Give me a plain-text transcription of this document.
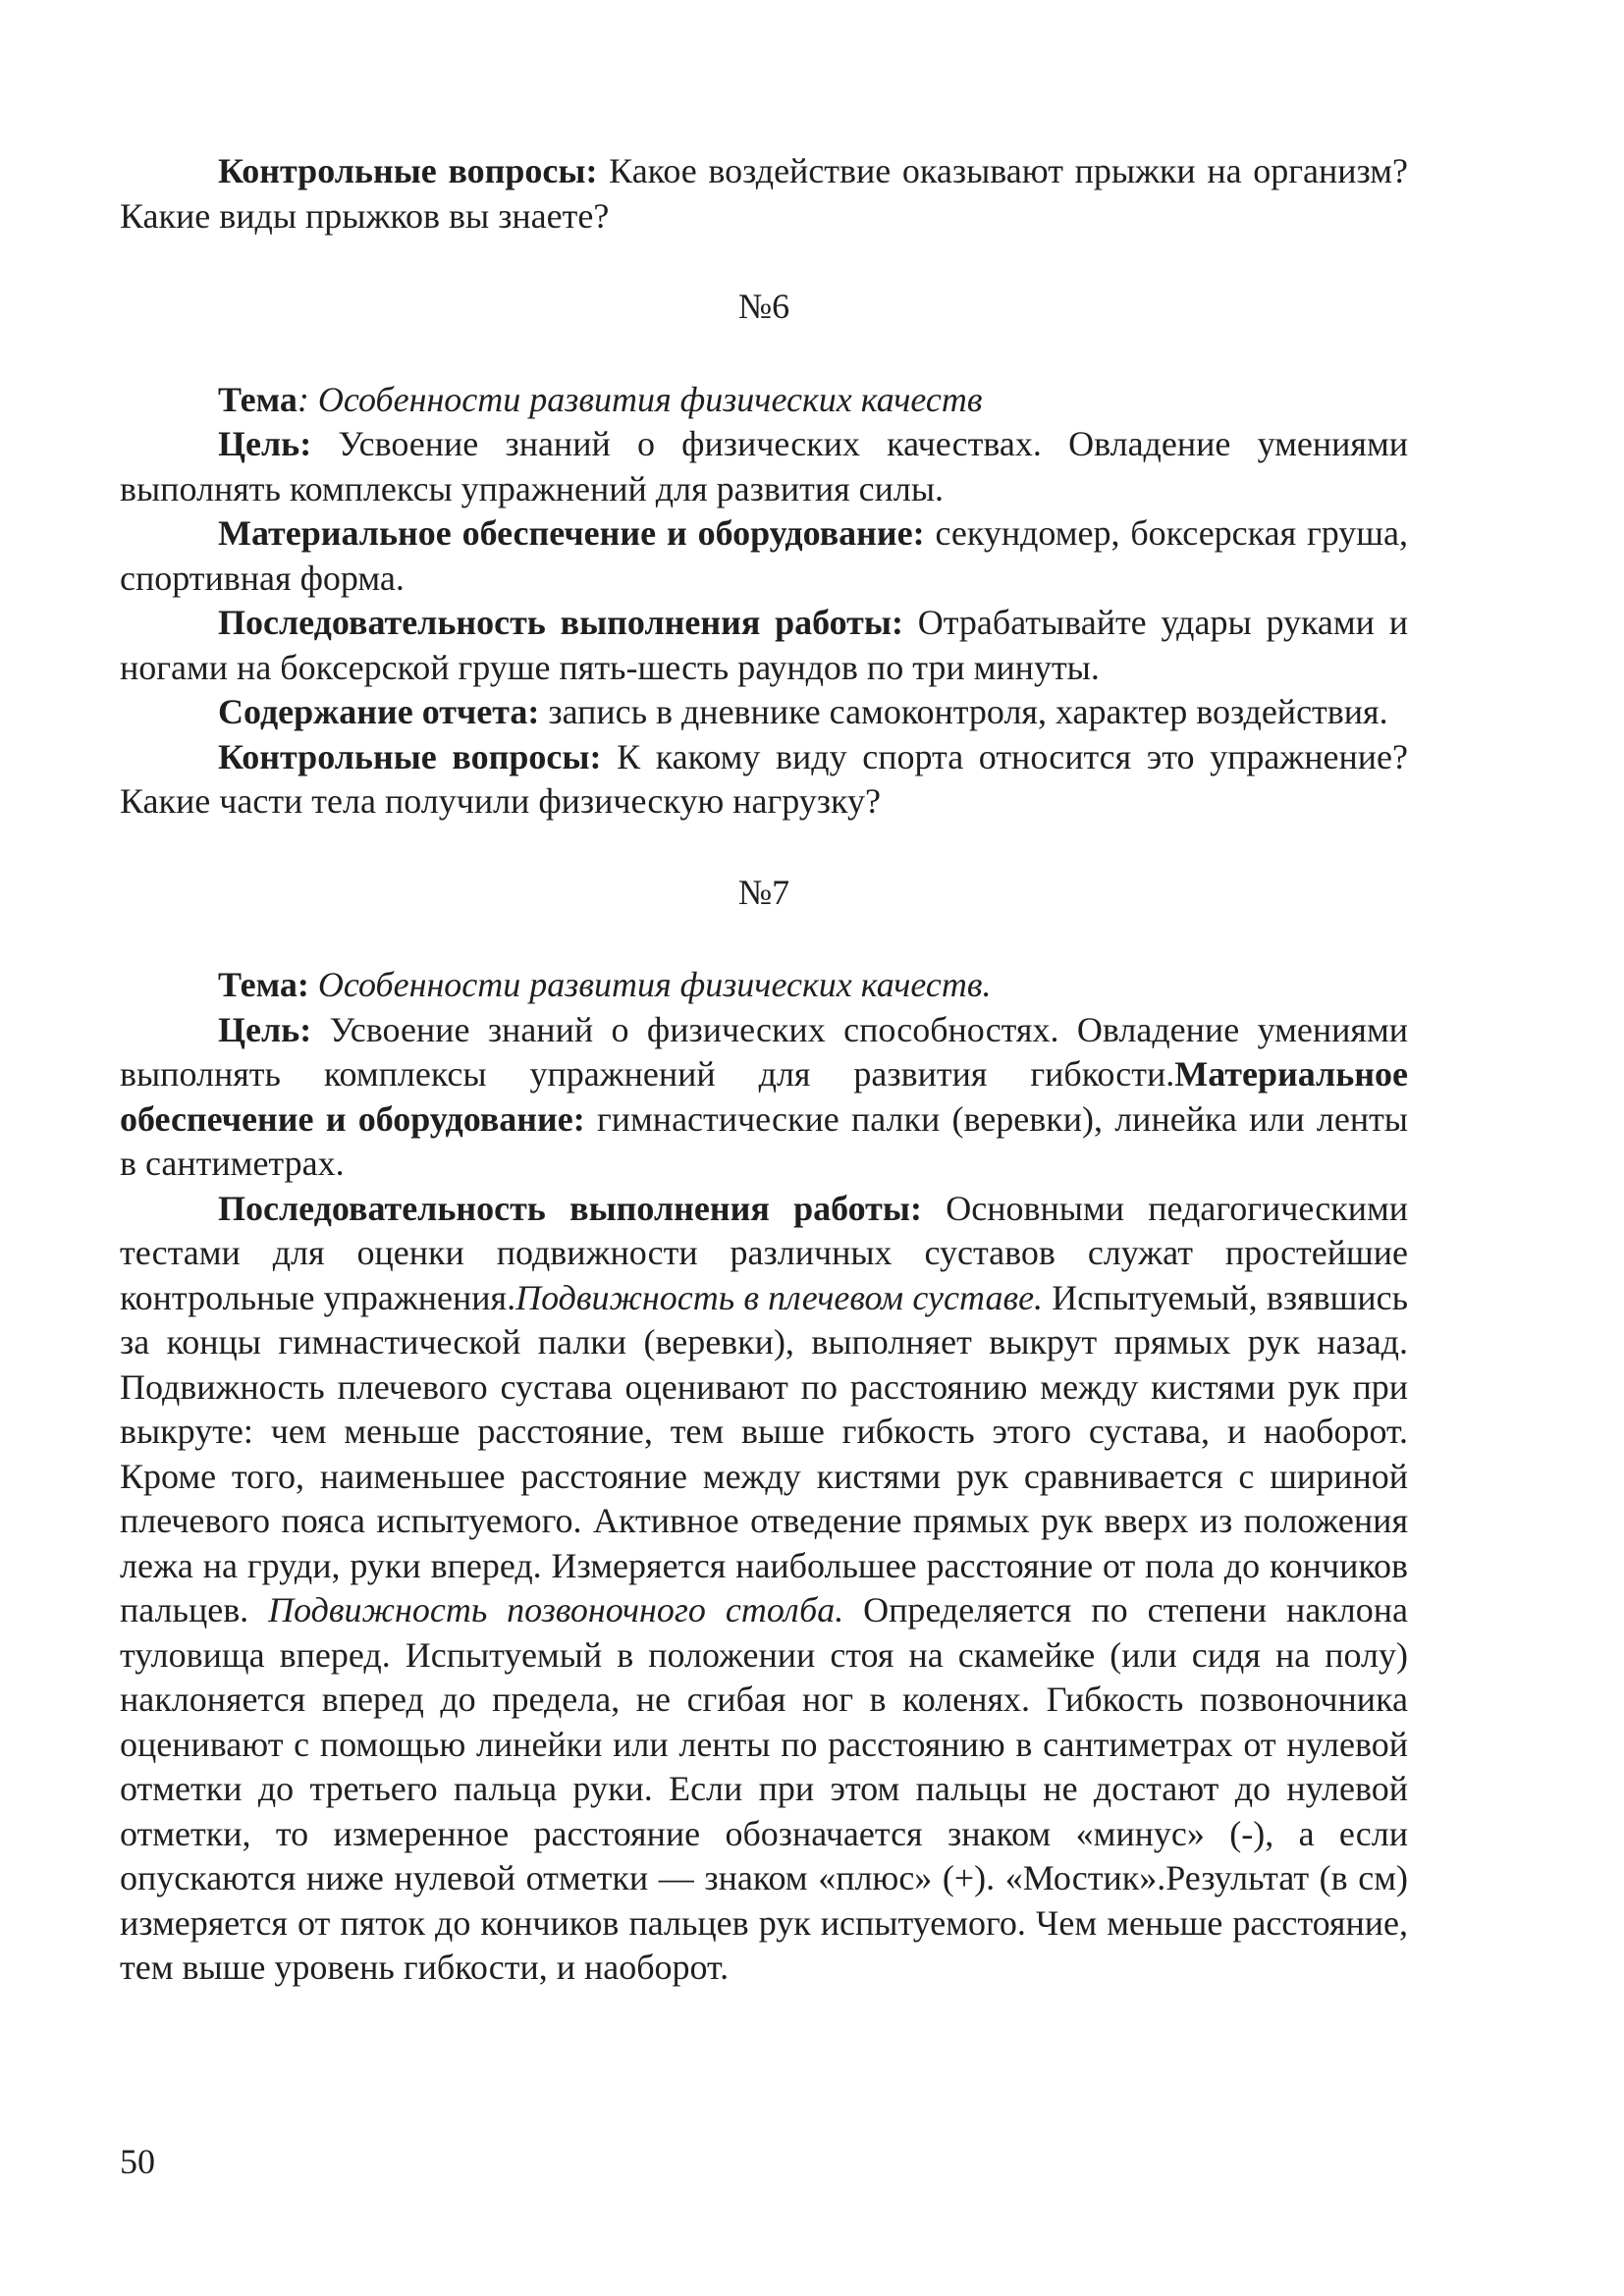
Контрольные вопросы: Какое воздействие оказывают прыжки на организм? Какие виды прыжков вы знаете?

№6

Тема: Особенности развития физических качеств

Цель: Усвоение знаний о физических качествах. Овладение умениями выполнять комплексы упражнений для развития силы.

Материальное обеспечение и оборудование: секундомер, боксерская груша, спортивная форма.

Последовательность выполнения работы: Отрабатывайте удары руками и ногами на боксерской груше пять-шесть раундов по три минуты.

Содержание отчета: запись в дневнике самоконтроля, характер воздействия.

Контрольные вопросы: К какому виду спорта относится это упражнение? Какие части тела получили физическую нагрузку?

№7

Тема: Особенности развития физических качеств.

Цель: Усвоение знаний о физических способностях. Овладение умениями выполнять комплексы упражнений для развития гибкости.Материальное обеспечение и оборудование: гимнастические палки (веревки), линейка или ленты в сантиметрах.

Последовательность выполнения работы: Основными педагогическими тестами для оценки подвижности различных суставов служат простейшие контрольные упражнения.Подвижность в плечевом суставе. Испытуемый, взявшись за концы гимнастической палки (веревки), выполняет выкрут прямых рук назад. Подвижность плечевого сустава оценивают по расстоянию между кистями рук при выкруте: чем меньше расстояние, тем выше гибкость этого сустава, и наоборот. Кроме того, наименьшее расстояние между кистями рук сравнивается с шириной плечевого пояса испытуемого. Активное отведение прямых рук вверх из положения лежа на груди, руки вперед. Измеряется наибольшее расстояние от пола до кончиков пальцев. Подвижность позвоночного столба. Определяется по степени наклона туловища вперед. Испытуемый в положении стоя на скамейке (или сидя на полу) наклоняется вперед до предела, не сгибая ног в коленях. Гибкость позвоночника оценивают с помощью линейки или ленты по расстоянию в сантиметрах от нулевой отметки до третьего пальца руки. Если при этом пальцы не достают до нулевой отметки, то измеренное расстояние обозначается знаком «минус» (-), а если опускаются ниже нулевой отметки — знаком «плюс» (+). «Мостик».Результат (в см) измеряется от пяток до кончиков пальцев рук испытуемого. Чем меньше расстояние, тем выше уровень гибкости, и наоборот.

50
